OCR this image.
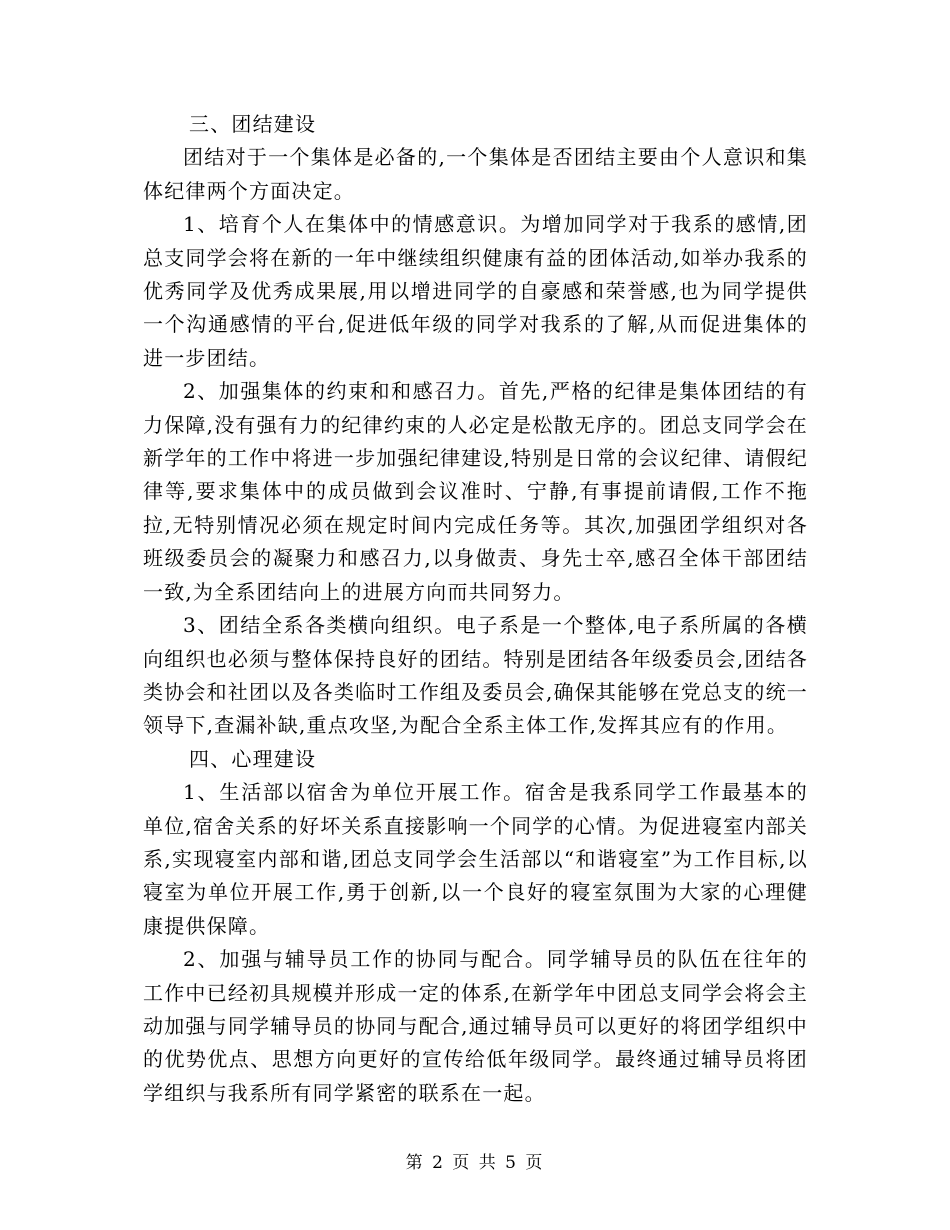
三、团结建设

团结对于一个集体是必备的,一个集体是否团结主要由个人意识和集体纪律两个方面决定。

1、培育个人在集体中的情感意识。为增加同学对于我系的感情,团总支同学会将在新的一年中继续组织健康有益的团体活动,如举办我系的优秀同学及优秀成果展,用以增进同学的自豪感和荣誉感,也为同学提供一个沟通感情的平台,促进低年级的同学对我系的了解,从而促进集体的进一步团结。

2、加强集体的约束和和感召力。首先,严格的纪律是集体团结的有力保障,没有强有力的纪律约束的人必定是松散无序的。团总支同学会在新学年的工作中将进一步加强纪律建设,特别是日常的会议纪律、请假纪律等,要求集体中的成员做到会议准时、宁静,有事提前请假,工作不拖拉,无特别情况必须在规定时间内完成任务等。其次,加强团学组织对各班级委员会的凝聚力和感召力,以身做责、身先士卒,感召全体干部团结一致,为全系团结向上的进展方向而共同努力。

3、团结全系各类横向组织。电子系是一个整体,电子系所属的各横向组织也必须与整体保持良好的团结。特别是团结各年级委员会,团结各类协会和社团以及各类临时工作组及委员会,确保其能够在党总支的统一领导下,查漏补缺,重点攻坚,为配合全系主体工作,发挥其应有的作用。

四、心理建设

1、生活部以宿舍为单位开展工作。宿舍是我系同学工作最基本的单位,宿舍关系的好坏关系直接影响一个同学的心情。为促进寝室内部关系,实现寝室内部和谐,团总支同学会生活部以“和谐寝室”为工作目标,以寝室为单位开展工作,勇于创新,以一个良好的寝室氛围为大家的心理健康提供保障。

2、加强与辅导员工作的协同与配合。同学辅导员的队伍在往年的工作中已经初具规模并形成一定的体系,在新学年中团总支同学会将会主动加强与同学辅导员的协同与配合,通过辅导员可以更好的将团学组织中的优势优点、思想方向更好的宣传给低年级同学。最终通过辅导员将团学组织与我系所有同学紧密的联系在一起。

第 2 页 共 5 页
